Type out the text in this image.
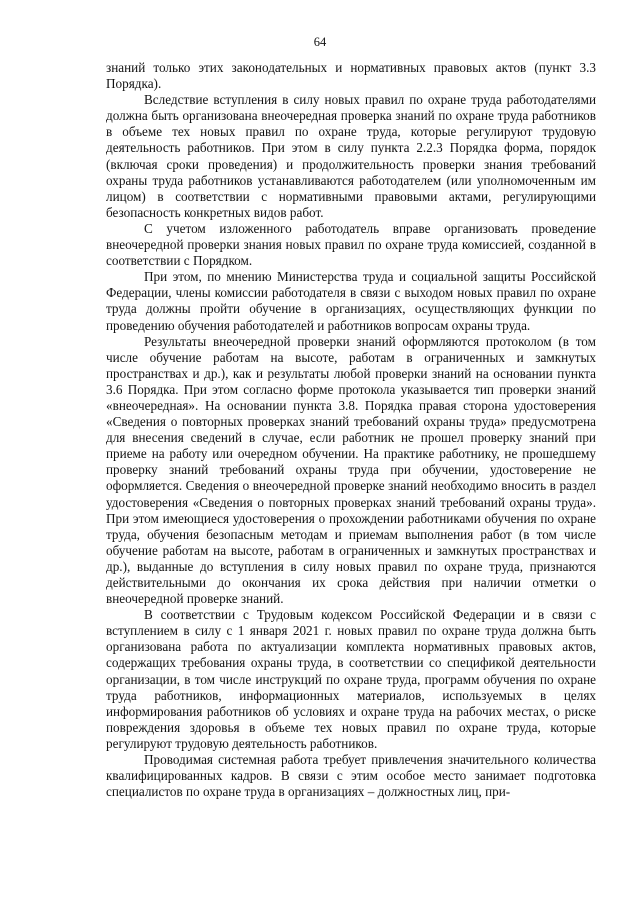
64

знаний только этих законодательных и нормативных правовых актов (пункт 3.3 Порядка).

Вследствие вступления в силу новых правил по охране труда работодателями должна быть организована внеочередная проверка знаний по охране труда работников в объеме тех новых правил по охране труда, которые регулируют трудовую деятельность работников. При этом в силу пункта 2.2.3 Порядка форма, порядок (включая сроки проведения) и продолжительность проверки знания требований охраны труда работников устанавливаются работодателем (или уполномоченным им лицом) в соответствии с нормативными правовыми актами, регулирующими безопасность конкретных видов работ.

С учетом изложенного работодатель вправе организовать проведение внеочередной проверки знания новых правил по охране труда комиссией, созданной в соответствии с Порядком.

При этом, по мнению Министерства труда и социальной защиты Российской Федерации, члены комиссии работодателя в связи с выходом новых правил по охране труда должны пройти обучение в организациях, осуществляющих функции по проведению обучения работодателей и работников вопросам охраны труда.

Результаты внеочередной проверки знаний оформляются протоколом (в том числе обучение работам на высоте, работам в ограниченных и замкнутых пространствах и др.), как и результаты любой проверки знаний на основании пункта 3.6 Порядка. При этом согласно форме протокола указывается тип проверки знаний «внеочередная». На основании пункта 3.8. Порядка правая сторона удостоверения «Сведения о повторных проверках знаний требований охраны труда» предусмотрена для внесения сведений в случае, если работник не прошел проверку знаний при приеме на работу или очередном обучении. На практике работнику, не прошедшему проверку знаний требований охраны труда при обучении, удостоверение не оформляется. Сведения о внеочередной проверке знаний необходимо вносить в раздел удостоверения «Сведения о повторных проверках знаний требований охраны труда». При этом имеющиеся удостоверения о прохождении работниками обучения по охране труда, обучения безопасным методам и приемам выполнения работ (в том числе обучение работам на высоте, работам в ограниченных и замкнутых пространствах и др.), выданные до вступления в силу новых правил по охране труда, признаются действительными до окончания их срока действия при наличии отметки о внеочередной проверке знаний.

В соответствии с Трудовым кодексом Российской Федерации и в связи с вступлением в силу с 1 января 2021 г. новых правил по охране труда должна быть организована работа по актуализации комплекта нормативных правовых актов, содержащих требования охраны труда, в соответствии со спецификой деятельности организации, в том числе инструкций по охране труда, программ обучения по охране труда работников, информационных материалов, используемых в целях информирования работников об условиях и охране труда на рабочих местах, о риске повреждения здоровья в объеме тех новых правил по охране труда, которые регулируют трудовую деятельность работников.

Проводимая системная работа требует привлечения значительного количества квалифицированных кадров. В связи с этим особое место занимает подготовка специалистов по охране труда в организациях – должностных лиц, при-
